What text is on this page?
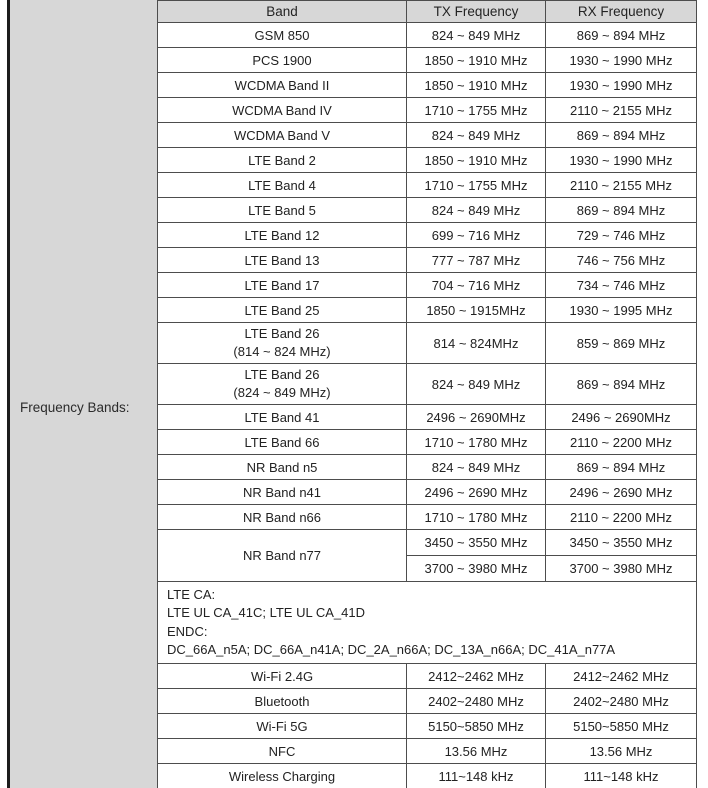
Frequency Bands:
Band	TX Frequency	RX Frequency
GSM 850	824 ~ 849 MHz	869 ~ 894 MHz
PCS 1900	1850 ~ 1910 MHz	1930 ~ 1990 MHz
WCDMA Band II	1850 ~ 1910 MHz	1930 ~ 1990 MHz
WCDMA Band IV	1710 ~ 1755 MHz	2110 ~ 2155 MHz
WCDMA Band V	824 ~ 849 MHz	869 ~ 894 MHz
LTE Band 2	1850 ~ 1910 MHz	1930 ~ 1990 MHz
LTE Band 4	1710 ~ 1755 MHz	2110 ~ 2155 MHz
LTE Band 5	824 ~ 849 MHz	869 ~ 894 MHz
LTE Band 12	699 ~ 716 MHz	729 ~ 746 MHz
LTE Band 13	777 ~ 787 MHz	746 ~ 756 MHz
LTE Band 17	704 ~ 716 MHz	734 ~ 746 MHz
LTE Band 25	1850 ~ 1915MHz	1930 ~ 1995 MHz

LTE Band 26
(814 ~ 824 MHz)	814 ~ 824MHz	859 ~ 869 MHz

LTE Band 26
(824 ~ 849 MHz)	824 ~ 849 MHz	869 ~ 894 MHz
LTE Band 41	2496 ~ 2690MHz	2496 ~ 2690MHz
LTE Band 66	1710 ~ 1780 MHz	2110 ~ 2200 MHz
NR Band n5	824 ~ 849 MHz	869 ~ 894 MHz
NR Band n41	2496 ~ 2690 MHz	2496 ~ 2690 MHz
NR Band n66	1710 ~ 1780 MHz	2110 ~ 2200 MHz
NR Band n77	3450 ~ 3550 MHz	3450 ~ 3550 MHz
	3700 ~ 3980 MHz	3700 ~ 3980 MHz

LTE CA:
LTE UL CA_41C; LTE UL CA_41D
ENDC:
DC_66A_n5A; DC_66A_n41A; DC_2A_n66A; DC_13A_n66A; DC_41A_n77A		

Wi-Fi 2.4G	2412~2462 MHz	2412~2462 MHz
Bluetooth	2402~2480 MHz	2402~2480 MHz
Wi-Fi 5G	5150~5850 MHz	5150~5850 MHz
NFC	13.56 MHz	13.56 MHz
Wireless Charging	111~148 kHz	111~148 kHz
